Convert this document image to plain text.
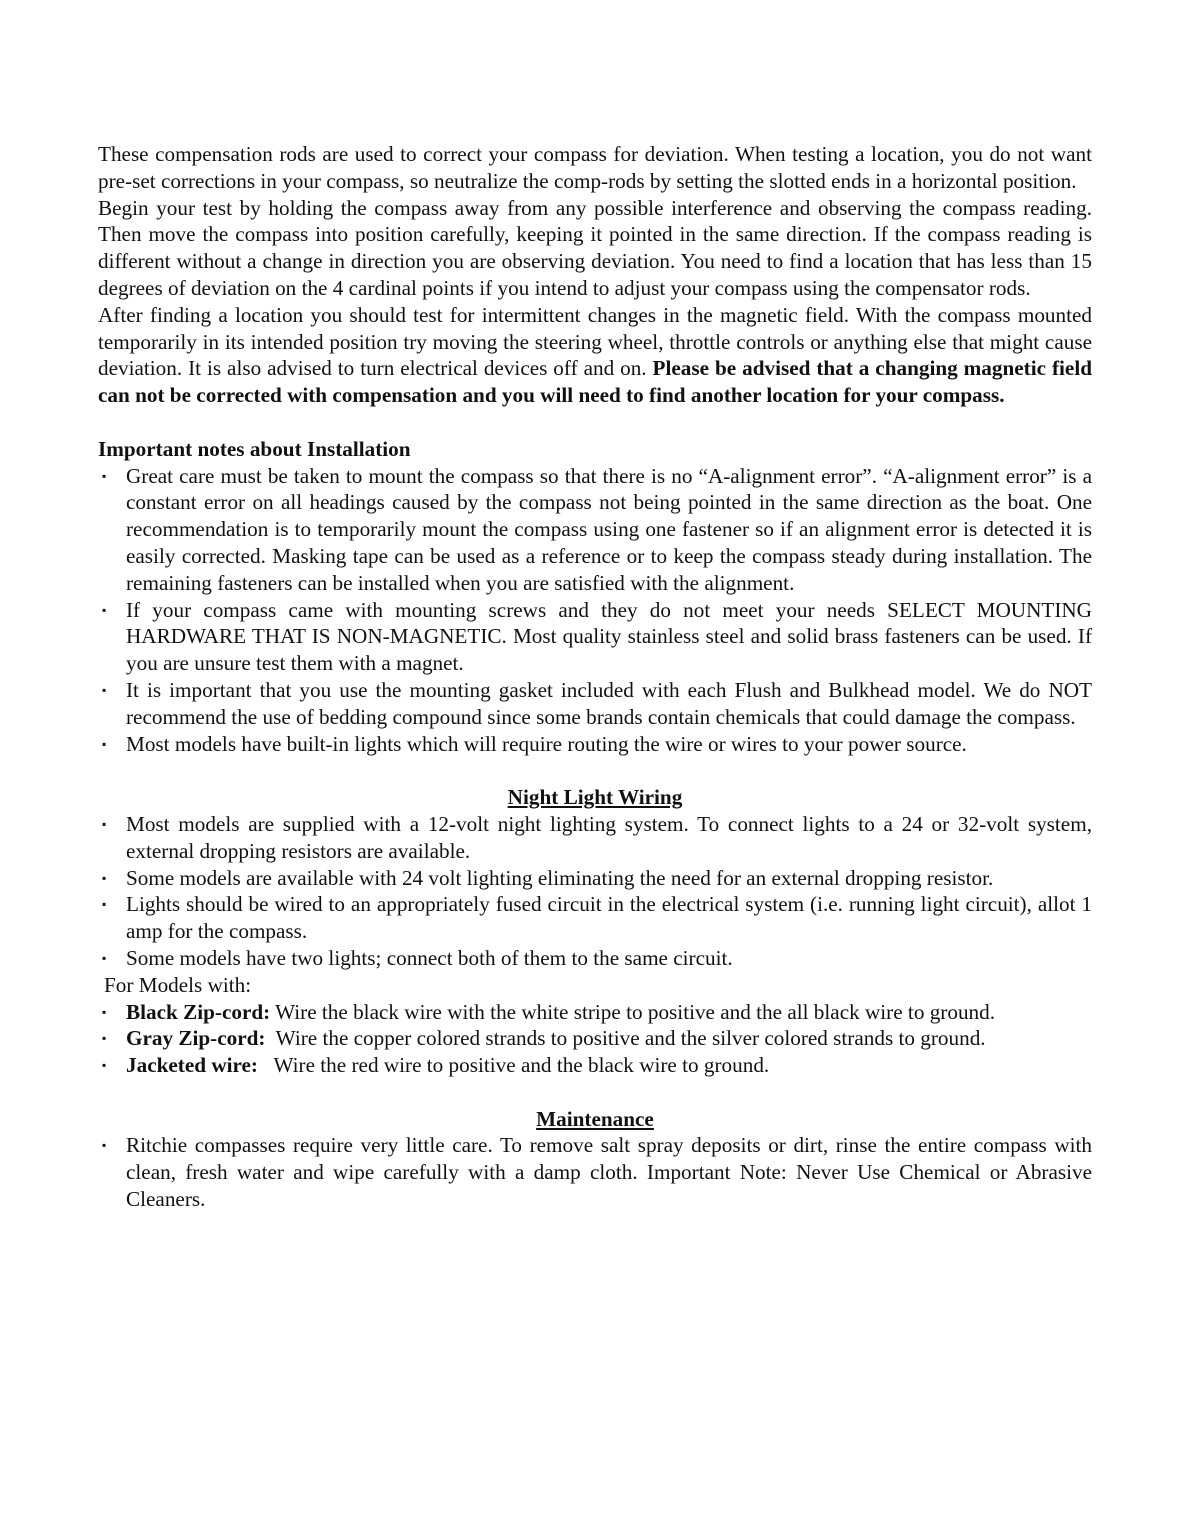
These compensation rods are used to correct your compass for deviation. When testing a location, you do not want pre-set corrections in your compass, so neutralize the comp-rods by setting the slotted ends in a horizontal position.

Begin your test by holding the compass away from any possible interference and observing the compass reading. Then move the compass into position carefully, keeping it pointed in the same direction. If the compass reading is different without a change in direction you are observing deviation. You need to find a location that has less than 15 degrees of deviation on the 4 cardinal points if you intend to adjust your compass using the compensator rods.

After finding a location you should test for intermittent changes in the magnetic field. With the compass mounted temporarily in its intended position try moving the steering wheel, throttle controls or anything else that might cause deviation. It is also advised to turn electrical devices off and on. Please be advised that a changing magnetic field can not be corrected with compensation and you will need to find another location for your compass.

Important notes about Installation

▪ Great care must be taken to mount the compass so that there is no “A-alignment error”. “A-alignment error” is a constant error on all headings caused by the compass not being pointed in the same direction as the boat. One recommendation is to temporarily mount the compass using one fastener so if an alignment error is detected it is easily corrected. Masking tape can be used as a reference or to keep the compass steady during installation. The remaining fasteners can be installed when you are satisfied with the alignment.
▪ If your compass came with mounting screws and they do not meet your needs SELECT MOUNTING HARDWARE THAT IS NON-MAGNETIC. Most quality stainless steel and solid brass fasteners can be used. If you are unsure test them with a magnet.
▪ It is important that you use the mounting gasket included with each Flush and Bulkhead model. We do NOT recommend the use of bedding compound since some brands contain chemicals that could damage the compass.
▪ Most models have built-in lights which will require routing the wire or wires to your power source.

Night Light Wiring

▪ Most models are supplied with a 12-volt night lighting system. To connect lights to a 24 or 32-volt system, external dropping resistors are available.
▪ Some models are available with 24 volt lighting eliminating the need for an external dropping resistor.
▪ Lights should be wired to an appropriately fused circuit in the electrical system (i.e. running light circuit), allot 1 amp for the compass.
▪ Some models have two lights; connect both of them to the same circuit.

For Models with:

▪ Black Zip-cord: Wire the black wire with the white stripe to positive and the all black wire to ground.
▪ Gray Zip-cord:  Wire the copper colored strands to positive and the silver colored strands to ground.
▪ Jacketed wire:   Wire the red wire to positive and the black wire to ground.

Maintenance

▪ Ritchie compasses require very little care. To remove salt spray deposits or dirt, rinse the entire compass with clean, fresh water and wipe carefully with a damp cloth. Important Note: Never Use Chemical or Abrasive Cleaners.
